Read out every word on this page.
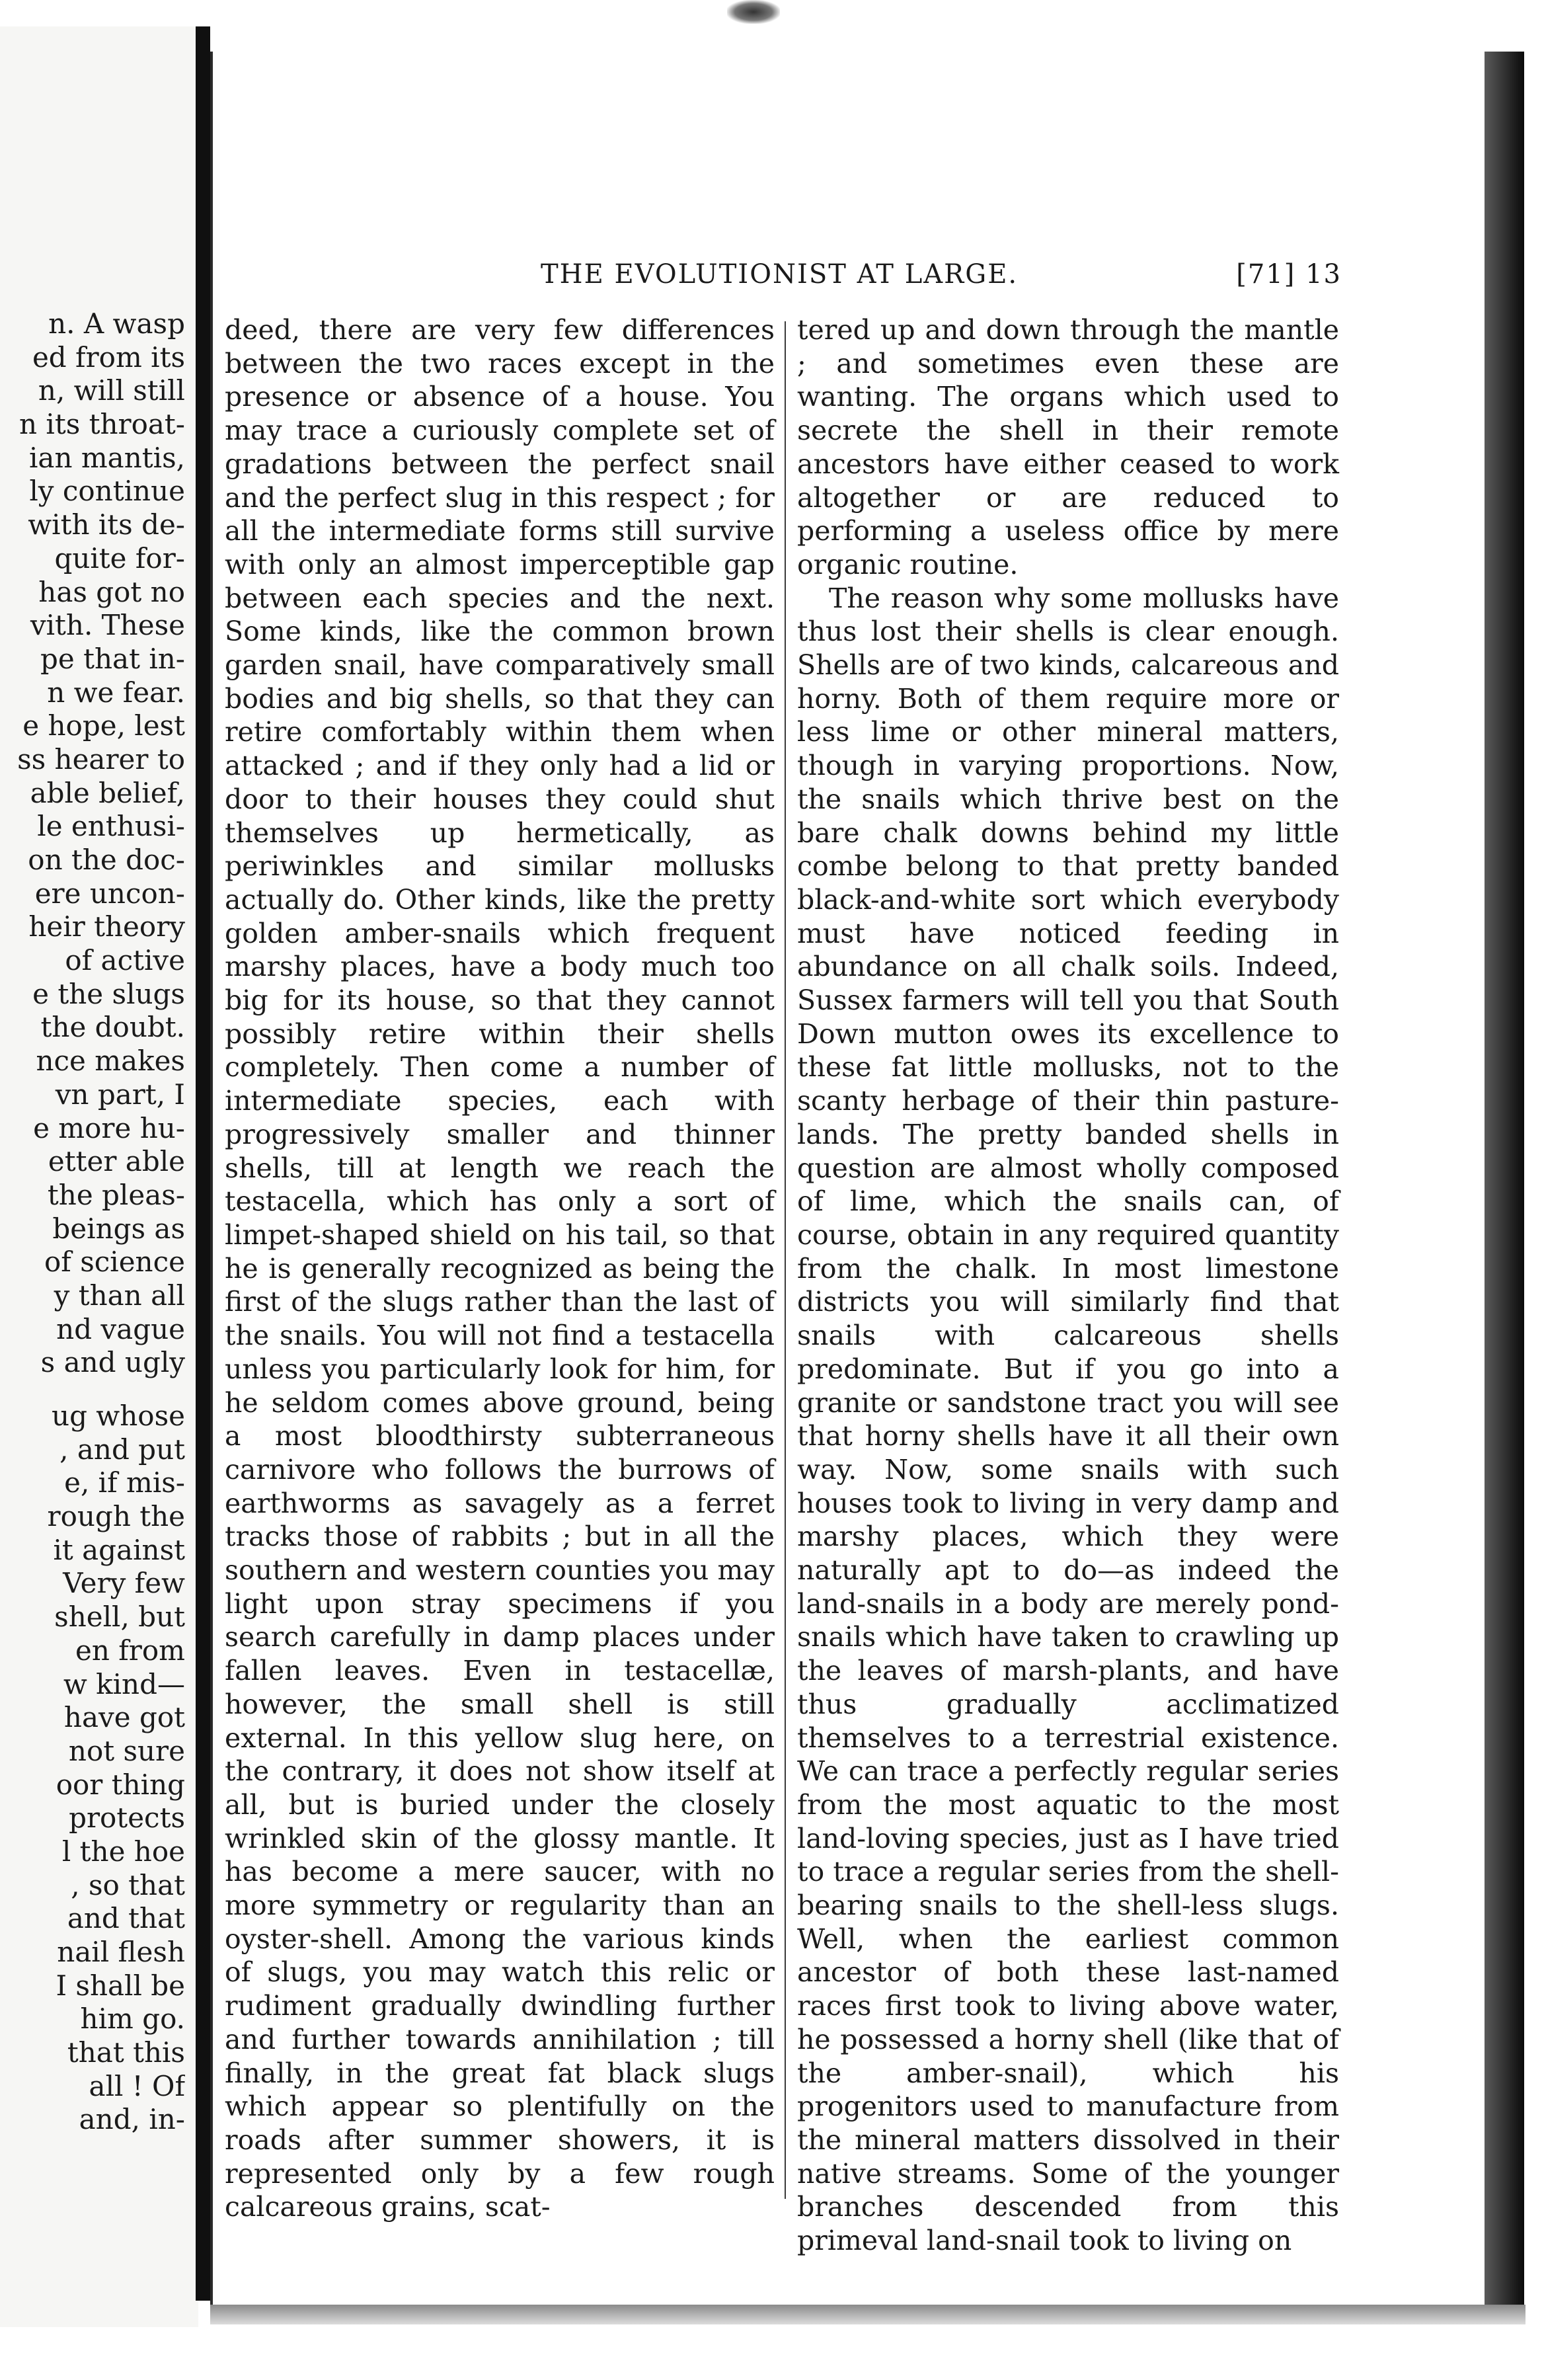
n. A wasp
ed from its
n, will still
n its throat-
ian mantis,
ly continue
with its de-
quite for-
has got no
vith. These
pe that in-
n we fear.
e hope, lest
ss hearer to
able belief,
le enthusi-
on the doc-
ere uncon-
heir theory
of active
e the slugs
the doubt.
nce makes
vn part, I
e more hu-
etter able
the pleas-
beings as
of science
y than all
nd vague
s and ugly
ug whose
, and put
e, if mis-
rough the
it against
Very few
shell, but
en from
w kind—
have got
not sure
oor thing
protects
l the hoe
, so that
and that
nail flesh
I shall be
him go.
that this
all ! Of
and, in-
THE EVOLUTIONIST AT LARGE.	[71] 13

deed, there are very few differences between the two races except in the presence or absence of a house. You may trace a curiously complete set of gradations between the perfect snail and the perfect slug in this respect ; for all the intermediate forms still survive with only an almost imperceptible gap between each species and the next. Some kinds, like the common brown garden snail, have comparatively small bodies and big shells, so that they can retire comfortably within them when attacked ; and if they only had a lid or door to their houses they could shut themselves up hermetically, as periwinkles and similar mollusks actually do. Other kinds, like the pretty golden amber-snails which frequent marshy places, have a body much too big for its house, so that they cannot possibly retire within their shells completely. Then come a number of intermediate species, each with progressively smaller and thinner shells, till at length we reach the testacella, which has only a sort of limpet-shaped shield on his tail, so that he is generally recognized as being the first of the slugs rather than the last of the snails. You will not find a testacella unless you particularly look for him, for he seldom comes above ground, being a most bloodthirsty subterraneous carnivore who follows the burrows of earthworms as savagely as a ferret tracks those of rabbits ; but in all the southern and western counties you may light upon stray specimens if you search carefully in damp places under fallen leaves. Even in testacellæ, however, the small shell is still external. In this yellow slug here, on the contrary, it does not show itself at all, but is buried under the closely wrinkled skin of the glossy mantle. It has become a mere saucer, with no more symmetry or regularity than an oyster-shell. Among the various kinds of slugs, you may watch this relic or rudiment gradually dwindling further and further towards annihilation ; till finally, in the great fat black slugs which appear so plentifully on the roads after summer showers, it is represented only by a few rough calcareous grains, scat-

tered up and down through the mantle ; and sometimes even these are wanting. The organs which used to secrete the shell in their remote ancestors have either ceased to work altogether or are reduced to performing a useless office by mere organic routine.

The reason why some mollusks have thus lost their shells is clear enough. Shells are of two kinds, calcareous and horny. Both of them require more or less lime or other mineral matters, though in varying proportions. Now, the snails which thrive best on the bare chalk downs behind my little combe belong to that pretty banded black-and-white sort which everybody must have noticed feeding in abundance on all chalk soils. Indeed, Sussex farmers will tell you that South Down mutton owes its excellence to these fat little mollusks, not to the scanty herbage of their thin pasture-lands. The pretty banded shells in question are almost wholly composed of lime, which the snails can, of course, obtain in any required quantity from the chalk. In most limestone districts you will similarly find that snails with calcareous shells predominate. But if you go into a granite or sandstone tract you will see that horny shells have it all their own way. Now, some snails with such houses took to living in very damp and marshy places, which they were naturally apt to do—as indeed the land-snails in a body are merely pond-snails which have taken to crawling up the leaves of marsh-plants, and have thus gradually acclimatized themselves to a terrestrial existence. We can trace a perfectly regular series from the most aquatic to the most land-loving species, just as I have tried to trace a regular series from the shell-bearing snails to the shell-less slugs. Well, when the earliest common ancestor of both these last-named races first took to living above water, he possessed a horny shell (like that of the amber-snail), which his progenitors used to manufacture from the mineral matters dissolved in their native streams. Some of the younger branches descended from this primeval land-snail took to living on
